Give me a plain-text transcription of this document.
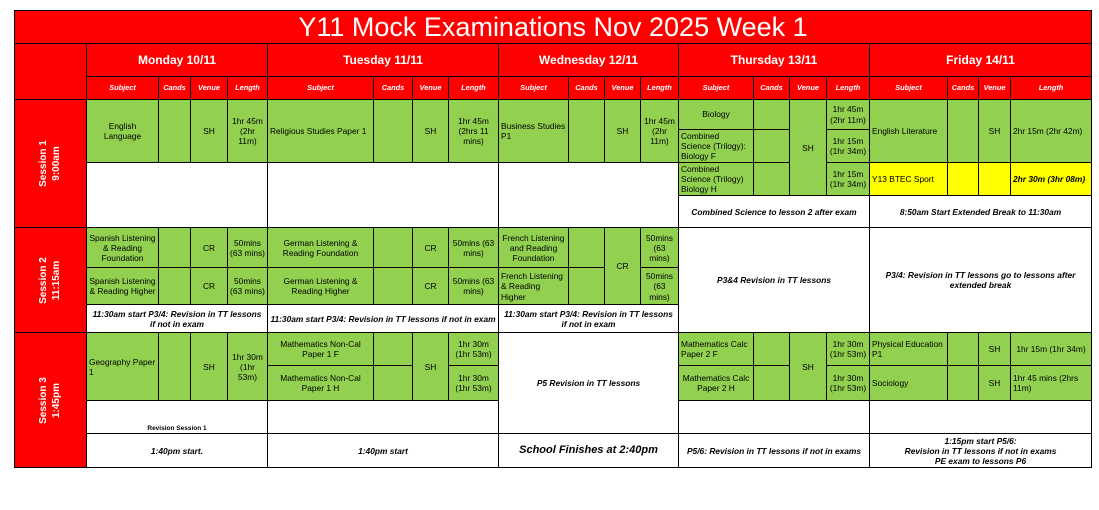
Y11 Mock Examinations Nov 2025 Week 1																				
	Monday 10/11				Tuesday 11/11				Wednesday 12/11				Thursday 13/11				Friday 14/11			
	Subject	Cands	Venue	Length	Subject	Cands	Venue	Length	Subject	Cands	Venue	Length	Subject	Cands	Venue	Length	Subject	Cands	Venue	Length

Session 1 9:00am	English Language		SH	1hr 45m (2hr 11m)	Religious Studies Paper 1		SH	1hr 45m (2hrs 11 mins)	Business Studies P1		SH	1hr 45m (2hr 11m)	Biology		SH	1hr 45m (2hr 11m)	English Literature		SH	2hr 15m (2hr 42m)
													Combined Science (Trilogy): Biology F			1hr 15m (1hr 34m)				
													Combined Science (Trilogy) Biology H			1hr 15m (1hr 34m)	Y13 BTEC Sport			2hr 30m (3hr 08m)
													Combined Science to lesson 2 after exam				8:50am Start Extended Break to 11:30am			

Session 2 11:15am	Spanish Listening & Reading Foundation		CR	50mins (63 mins)	German Listening & Reading Foundation		CR	50mins (63 mins)	French Listening and Reading Foundation		CR	50mins (63 mins)	P3&4 Revision in TT lessons				P3/4: Revision in TT lessons go to lessons after extended break			
	Spanish Listening & Reading Higher		CR	50mins (63 mins)	German Listening & Reading Higher		CR	50mins (63 mins)	French Listening & Reading Higher			50mins (63 mins)								
	11:30am start P3/4: Revision in TT lessons if not in exam				11:30am start P3/4: Revision in TT lessons if not in exam				11:30am start P3/4: Revision in TT lessons if not in exam											

Session 3 1:45pm	Geography Paper 1		SH	1hr 30m (1hr 53m)	Mathematics Non-Cal Paper 1 F		SH	1hr 30m (1hr 53m)	P5 Revision in TT lessons				Mathematics Calc Paper 2 F		SH	1hr 30m (1hr 53m)	Physical Education P1		SH	1hr 15m (1hr 34m)
					Mathematics Non-Cal Paper 1 H			1hr 30m (1hr 53m)					Mathematics Calc Paper 2 H			1hr 30m (1hr 53m)	Sociology		SH	1hr 45 mins (2hrs 11m)
	Revision Session 1																			
	1:40pm start.				1:40pm start				School Finishes at 2:40pm				P5/6: Revision in TT lessons if not in exams				1:15pm start P5/6:
Revision in TT lessons if not in exams
PE exam to lessons P6			
